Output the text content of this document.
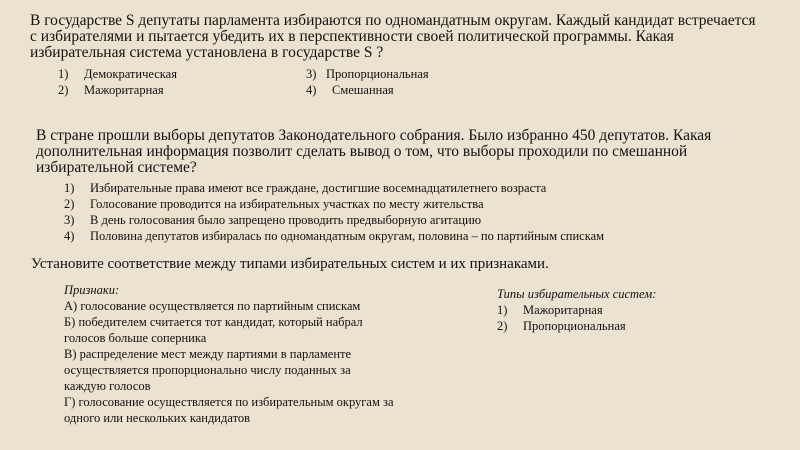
В государстве S депутаты парламента избираются по одномандатным округам. Каждый кандидат встречается с избирателями и пытается убедить их в перспективности своей политической программы. Какая избирательная система установлена в государстве S ?

1) Демократическая
2) Мажоритарная
3) Пропорциональная
4) Смешанная

В стране прошли выборы депутатов Законодательного собрания. Было избранно 450 депутатов. Какая дополнительная информация позволит сделать вывод о том, что выборы проходили по смешанной избирательной системе?

1) Избирательные права имеют все граждане, достигшие восемнадцатилетнего возраста

2) Голосование проводится на избирательных участках по месту жительства

3) В день голосования было запрещено проводить предвыборную агитацию

4) Половина депутатов избиралась по одномандатным округам, половина – по партийным спискам

Установите соответствие между типами избирательных систем и их признаками.

Признаки:

А) голосование осуществляется по партийным спискам

Б) победителем считается тот кандидат, который набрал голосов больше соперника

В) распределение мест между партиями в парламенте осуществляется пропорционально числу поданных за каждую голосов

Г) голосование осуществляется по избирательным округам за одного или нескольких кандидатов

Типы избирательных систем:

1) Мажоритарная

2) Пропорциональная
